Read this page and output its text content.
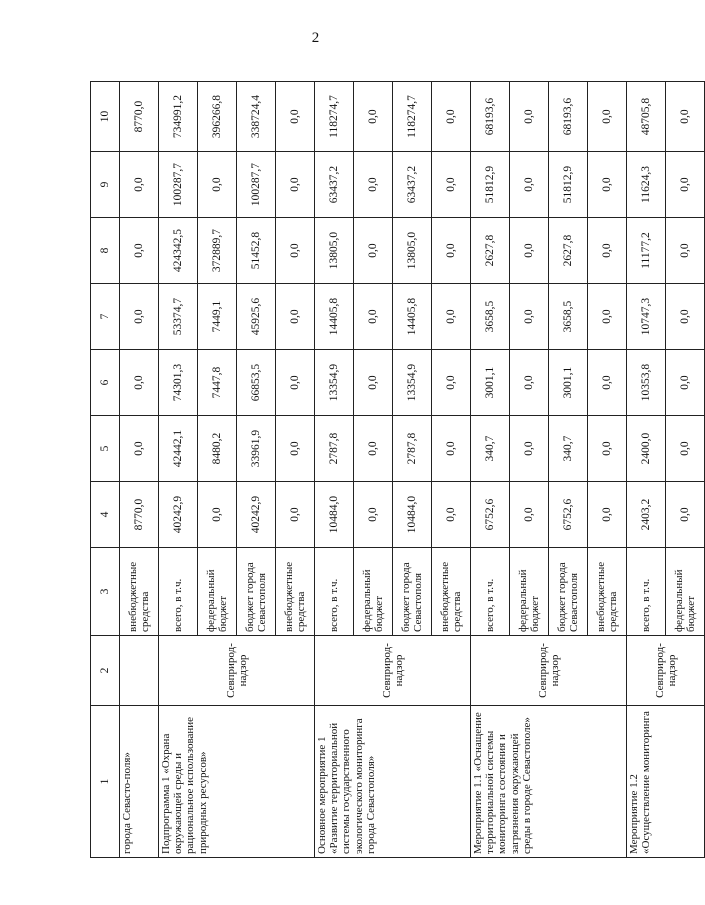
2
1	2	3	4	5	6	7	8	9	10
города Севасто-поля»		внебюджетные средства	8770,0	0,0	0,0	0,0	0,0	0,0	8770,0
Подпрограмма 1 «Охрана окружающей среды и рациональное использование природных ресурсов»	Севприрод-надзор	всего, в т.ч.	40242,9	42442,1	74301,3	53374,7	424342,5	100287,7	734991,2
		федеральный бюджет	0,0	8480,2	7447,8	7449,1	372889,7	0,0	396266,8
		бюджет города Севастополя	40242,9	33961,9	66853,5	45925,6	51452,8	100287,7	338724,4
		внебюджетные средства	0,0	0,0	0,0	0,0	0,0	0,0	0,0
Основное мероприятие 1 «Развитие территориальной системы государственного экологического мониторинга города Севастополя»	Севприрод-надзор	всего, в т.ч.	10484,0	2787,8	13354,9	14405,8	13805,0	63437,2	118274,7
		федеральный бюджет	0,0	0,0	0,0	0,0	0,0	0,0	0,0
		бюджет города Севастополя	10484,0	2787,8	13354,9	14405,8	13805,0	63437,2	118274,7
		внебюджетные средства	0,0	0,0	0,0	0,0	0,0	0,0	0,0
Мероприятие 1.1 «Оснащение территориальной системы мониторинга состояния и загрязнения окружающей среды в городе Севастополе»	Севприрод-надзор	всего, в т.ч.	6752,6	340,7	3001,1	3658,5	2627,8	51812,9	68193,6
		федеральный бюджет	0,0	0,0	0,0	0,0	0,0	0,0	0,0
		бюджет города Севастополя	6752,6	340,7	3001,1	3658,5	2627,8	51812,9	68193,6
		внебюджетные средства	0,0	0,0	0,0	0,0	0,0	0,0	0,0
Мероприятие 1.2 «Осуществление мониторинга	Севприрод-надзор	всего, в т.ч.	2403,2	2400,0	10353,8	10747,3	11177,2	11624,3	48705,8
		федеральный бюджет	0,0	0,0	0,0	0,0	0,0	0,0	0,0
